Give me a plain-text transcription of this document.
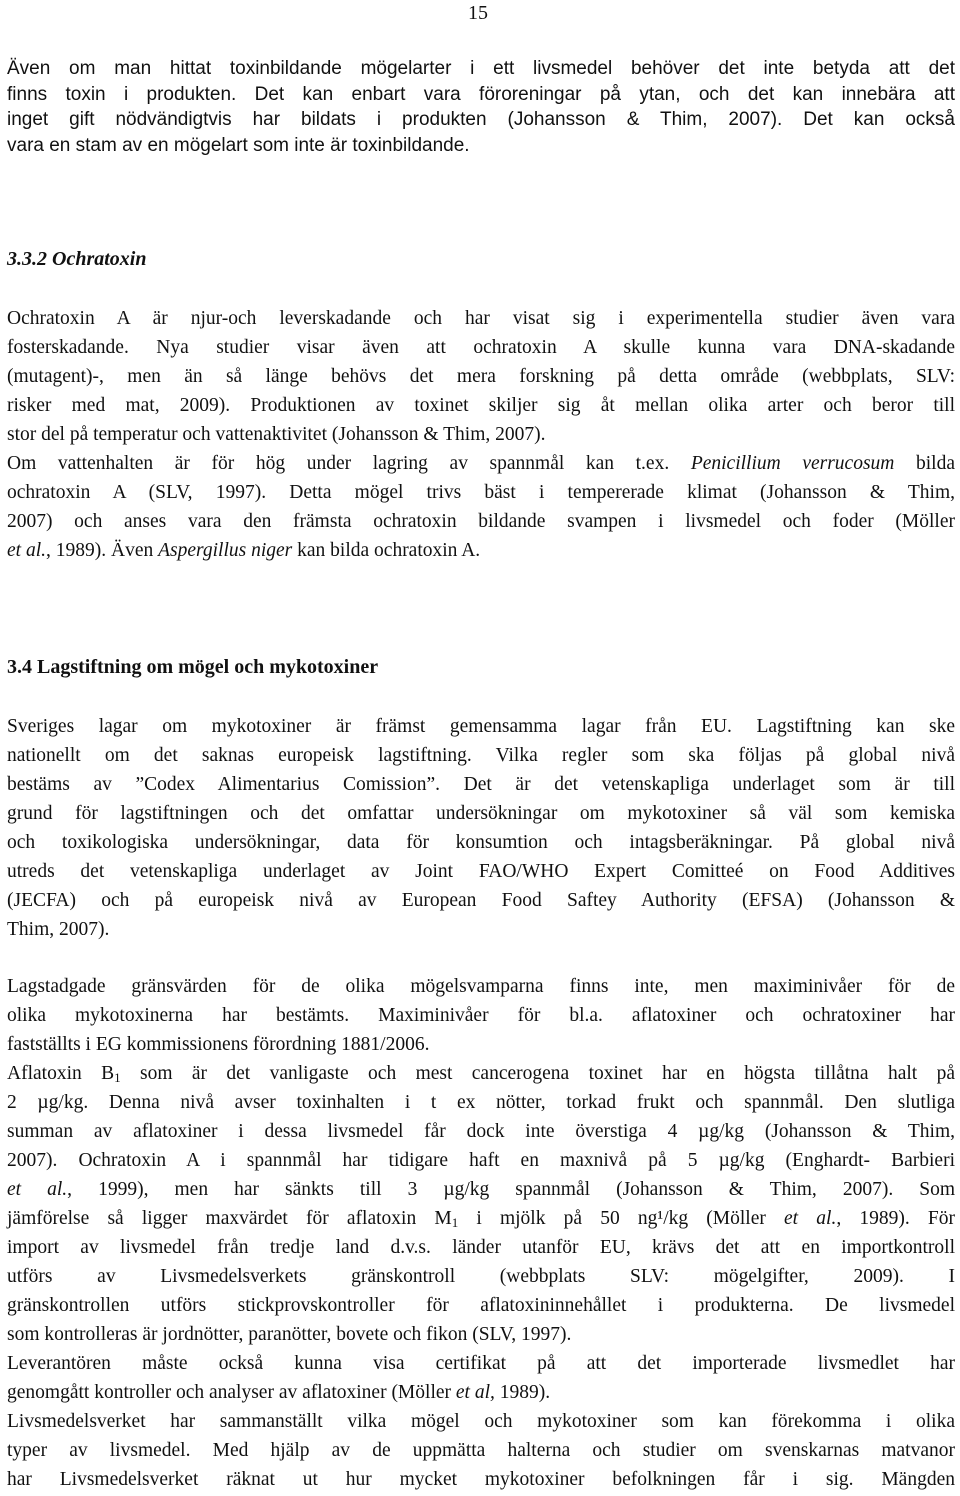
15
Även om man hittat toxinbildande mögelarter i ett livsmedel behöver det inte betyda att det
finns toxin i produkten. Det kan enbart vara föroreningar på ytan, och det kan innebära att
inget gift nödvändigtvis har bildats i produkten (Johansson & Thim, 2007). Det kan också
vara en stam av en mögelart som inte är toxinbildande.
3.3.2 Ochratoxin
Ochratoxin A är njur-och leverskadande och har visat sig i experimentella studier även vara
fosterskadande. Nya studier visar även att ochratoxin A skulle kunna vara DNA-skadande
(mutagent)-, men än så länge behövs det mera forskning på detta område (webbplats, SLV:
risker med mat, 2009). Produktionen av toxinet skiljer sig åt mellan olika arter och beror till
stor del på temperatur och vattenaktivitet (Johansson & Thim, 2007).
Om vattenhalten är för hög under lagring av spannmål kan t.ex. Penicillium verrucosum bilda
ochratoxin A (SLV, 1997). Detta mögel trivs bäst i tempererade klimat (Johansson & Thim,
2007) och anses vara den främsta ochratoxin bildande svampen i livsmedel och foder (Möller
et al., 1989). Även Aspergillus niger kan bilda ochratoxin A.
3.4 Lagstiftning om mögel och mykotoxiner
Sveriges lagar om mykotoxiner är främst gemensamma lagar från EU. Lagstiftning kan ske
nationellt om det saknas europeisk lagstiftning. Vilka regler som ska följas på global nivå
bestäms av ”Codex Alimentarius Comission”. Det är det vetenskapliga underlaget som är till
grund för lagstiftningen och det omfattar undersökningar om mykotoxiner så väl som kemiska
och toxikologiska undersökningar, data för konsumtion och intagsberäkningar. På global nivå
utreds det vetenskapliga underlaget av Joint FAO/WHO Expert Comitteé on Food Additives
(JECFA) och på europeisk nivå av European Food Saftey Authority (EFSA) (Johansson &
Thim, 2007).
Lagstadgade gränsvärden för de olika mögelsvamparna finns inte, men maximinivåer för de
olika mykotoxinerna har bestämts. Maximinivåer för bl.a. aflatoxiner och ochratoxiner har
fastställts i EG kommissionens förordning 1881/2006.
Aflatoxin $B_1$ som är det vanligaste och mest cancerogena toxinet har en högsta tillåtna halt på
2 µg/kg. Denna nivå avser toxinhalten i t ex nötter, torkad frukt och spannmål. Den slutliga
summan av aflatoxiner i dessa livsmedel får dock inte överstiga 4 µg/kg (Johansson & Thim,
2007). Ochratoxin A i spannmål har tidigare haft en maxnivå på 5 µg/kg (Enghardt- Barbieri
et al., 1999), men har sänkts till 3 µg/kg spannmål (Johansson & Thim, 2007). Som
jämförelse så ligger maxvärdet för aflatoxin $M_1$ i mjölk på 50 ng¹/kg (Möller et al., 1989). För
import av livsmedel från tredje land d.v.s. länder utanför EU, krävs det att en importkontroll
utförs av Livsmedelsverkets gränskontroll (webbplats SLV: mögelgifter, 2009). I
gränskontrollen utförs stickprovskontroller för aflatoxininnehållet i produkterna. De livsmedel
som kontrolleras är jordnötter, paranötter, bovete och fikon (SLV, 1997).
Leverantören måste också kunna visa certifikat på att det importerade livsmedlet har
genomgått kontroller och analyser av aflatoxiner (Möller et al, 1989).
Livsmedelsverket har sammanställt vilka mögel och mykotoxiner som kan förekomma i olika
typer av livsmedel. Med hjälp av de uppmätta halterna och studier om svenskarnas matvanor
har Livsmedelsverket räknat ut hur mycket mykotoxiner befolkningen får i sig. Mängden
